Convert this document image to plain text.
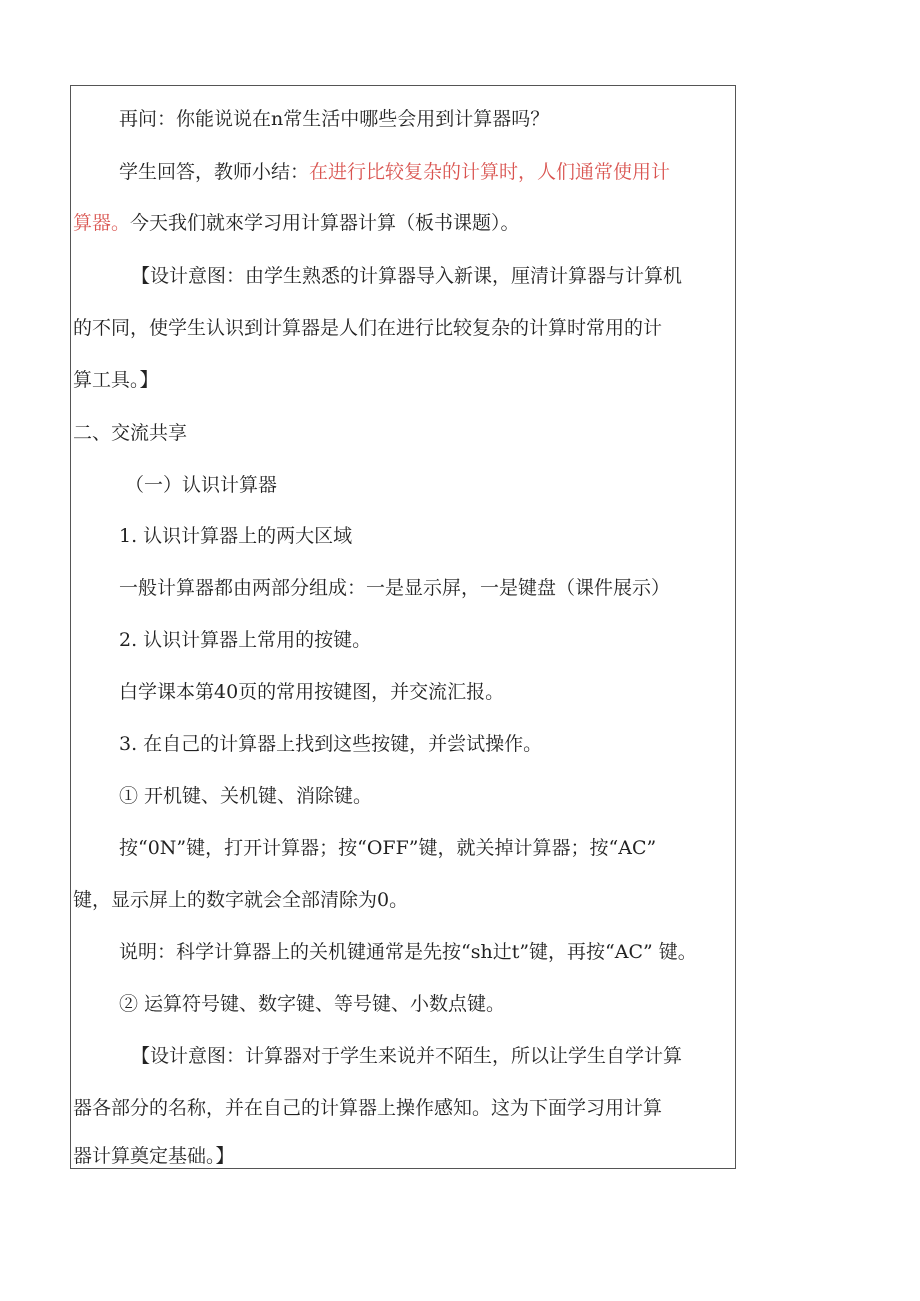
再问：你能说说在n常生活中哪些会用到计算器吗？
学生回答，教师小结：在进行比较复杂的计算时，人们通常使用计
算器。今天我们就來学习用计算器计算（板书课题）。
【设计意图：由学生熟悉的计算器导入新课，厘清计算器与计算机
的不同，使学生认识到计算器是人们在进行比较复杂的计算时常用的计
算工具。】
二、交流共享
（一）认识计算器
1. 认识计算器上的两大区域
一般计算器都由两部分组成：一是显示屏，一是键盘（课件展示）
2. 认识计算器上常用的按键。
白学课本第40页的常用按键图，并交流汇报。
3. 在自己的计算器上找到这些按键，并尝试操作。
① 开机键、关机键、消除键。
按“0N”键，打开计算器；按“OFF”键，就关掉计算器；按“AC”
键，显示屏上的数字就会全部清除为0。
说明：科学计算器上的关机键通常是先按“sh辻t”键，再按“AC” 键。
② 运算符号键、数字键、等号键、小数点键。
【设计意图：计算器对于学生来说并不陌生，所以让学生自学计算
器各部分的名称，并在自己的计算器上操作感知。这为下面学习用计算
器计算奠定基础。】
